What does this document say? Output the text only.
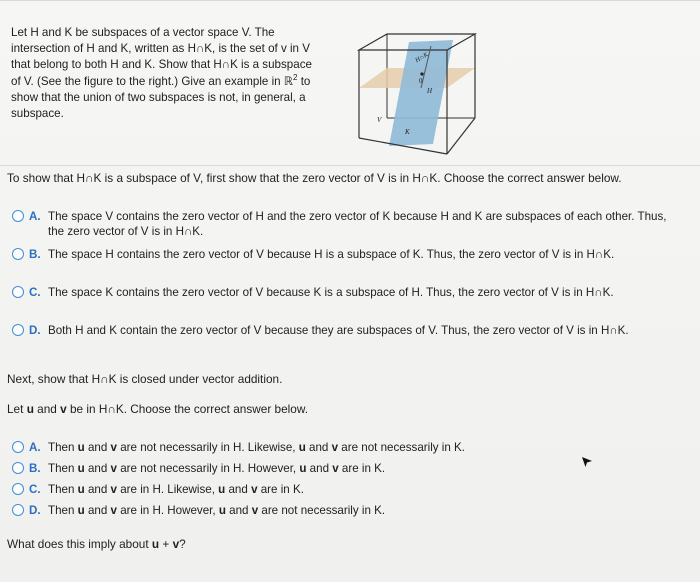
Let H and K be subspaces of a vector space V. The
intersection of H and K, written as H∩K, is the set of v in V
that belong to both H and K. Show that H∩K is a subspace
of V. (See the figure to the right.) Give an example in ℝ$^2$ to
show that the union of two subspaces is not, in general, a
subspace.
H∩K
0
H
V
K
To show that H∩K is a subspace of V, first show that the zero vector of V is in H∩K. Choose the correct answer below.
A. The space V contains the zero vector of H and the zero vector of K because H and K are subspaces of each other. Thus, the zero vector of V is in H∩K.
B. The space H contains the zero vector of V because H is a subspace of K. Thus, the zero vector of V is in H∩K.
C. The space K contains the zero vector of V because K is a subspace of H. Thus, the zero vector of V is in H∩K.
D. Both H and K contain the zero vector of V because they are subspaces of V. Thus, the zero vector of V is in H∩K.
Next, show that H∩K is closed under vector addition.
Let u and v be in H∩K. Choose the correct answer below.
A. Then u and v are not necessarily in H. Likewise, u and v are not necessarily in K.
B. Then u and v are not necessarily in H. However, u and v are in K.
C. Then u and v are in H. Likewise, u and v are in K.
D. Then u and v are in H. However, u and v are not necessarily in K.
What does this imply about u + v?
